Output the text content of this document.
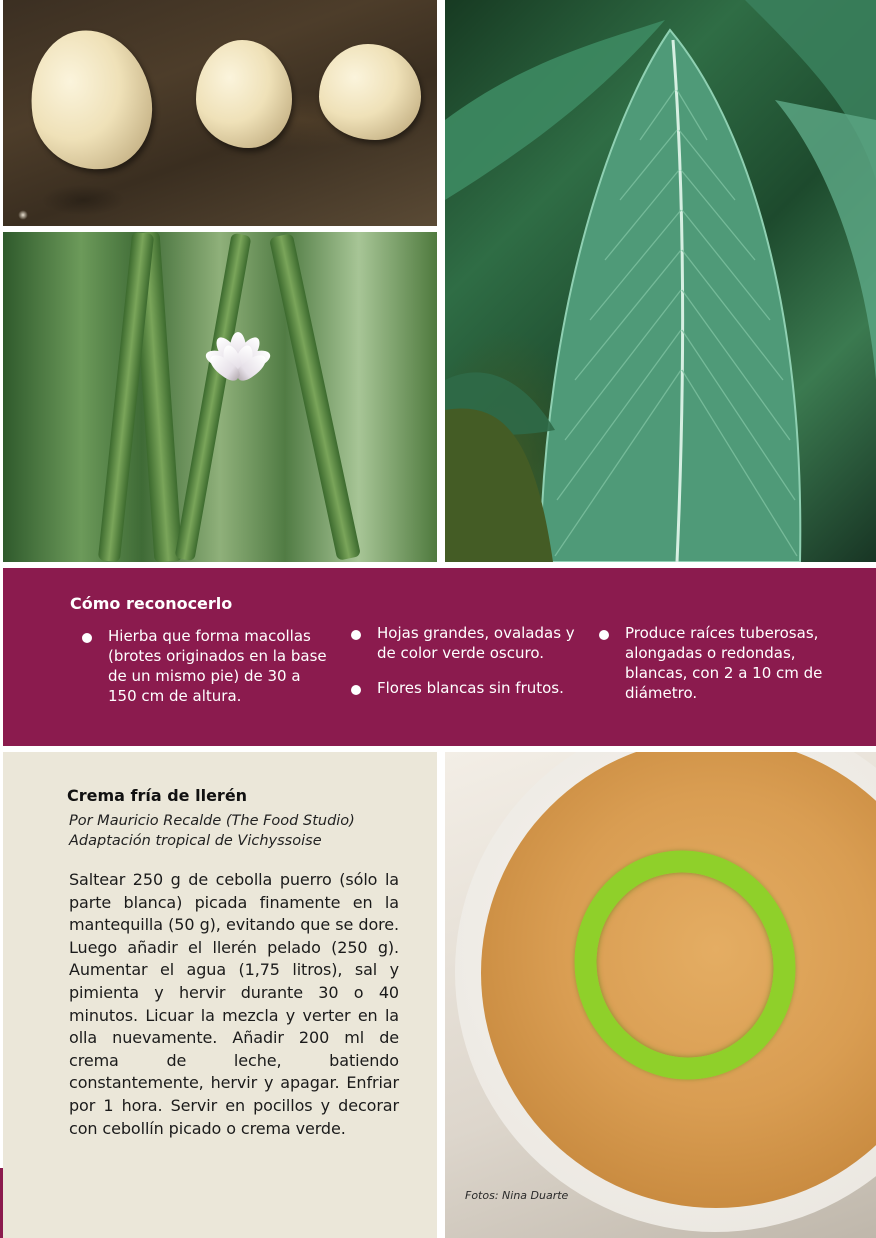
Cómo reconocerlo
Hierba que forma macollas (brotes originados en la base de un mismo pie) de 30 a 150 cm de altura.
Hojas grandes, ovaladas y de color verde oscuro.
Flores blancas sin frutos.
Produce raíces tuberosas, alongadas o redondas, blancas, con 2 a 10 cm de diámetro.
Crema fría de llerén
Por Mauricio Recalde (The Food Studio)
Adaptación tropical de Vichyssoise
Saltear 250 g de cebolla puerro (sólo la parte blanca) picada finamente en la mantequilla (50 g), evitando que se dore. Luego añadir el llerén pelado (250 g). Aumentar el agua (1,75 litros), sal y pimienta y hervir durante 30 o 40 minutos. Licuar la mezcla y verter en la olla nuevamente. Añadir 200 ml de crema de leche, batiendo constantemente, hervir y apagar. Enfriar por 1 hora. Servir en pocillos y decorar con cebollín picado o crema verde.
Fotos: Nina Duarte
